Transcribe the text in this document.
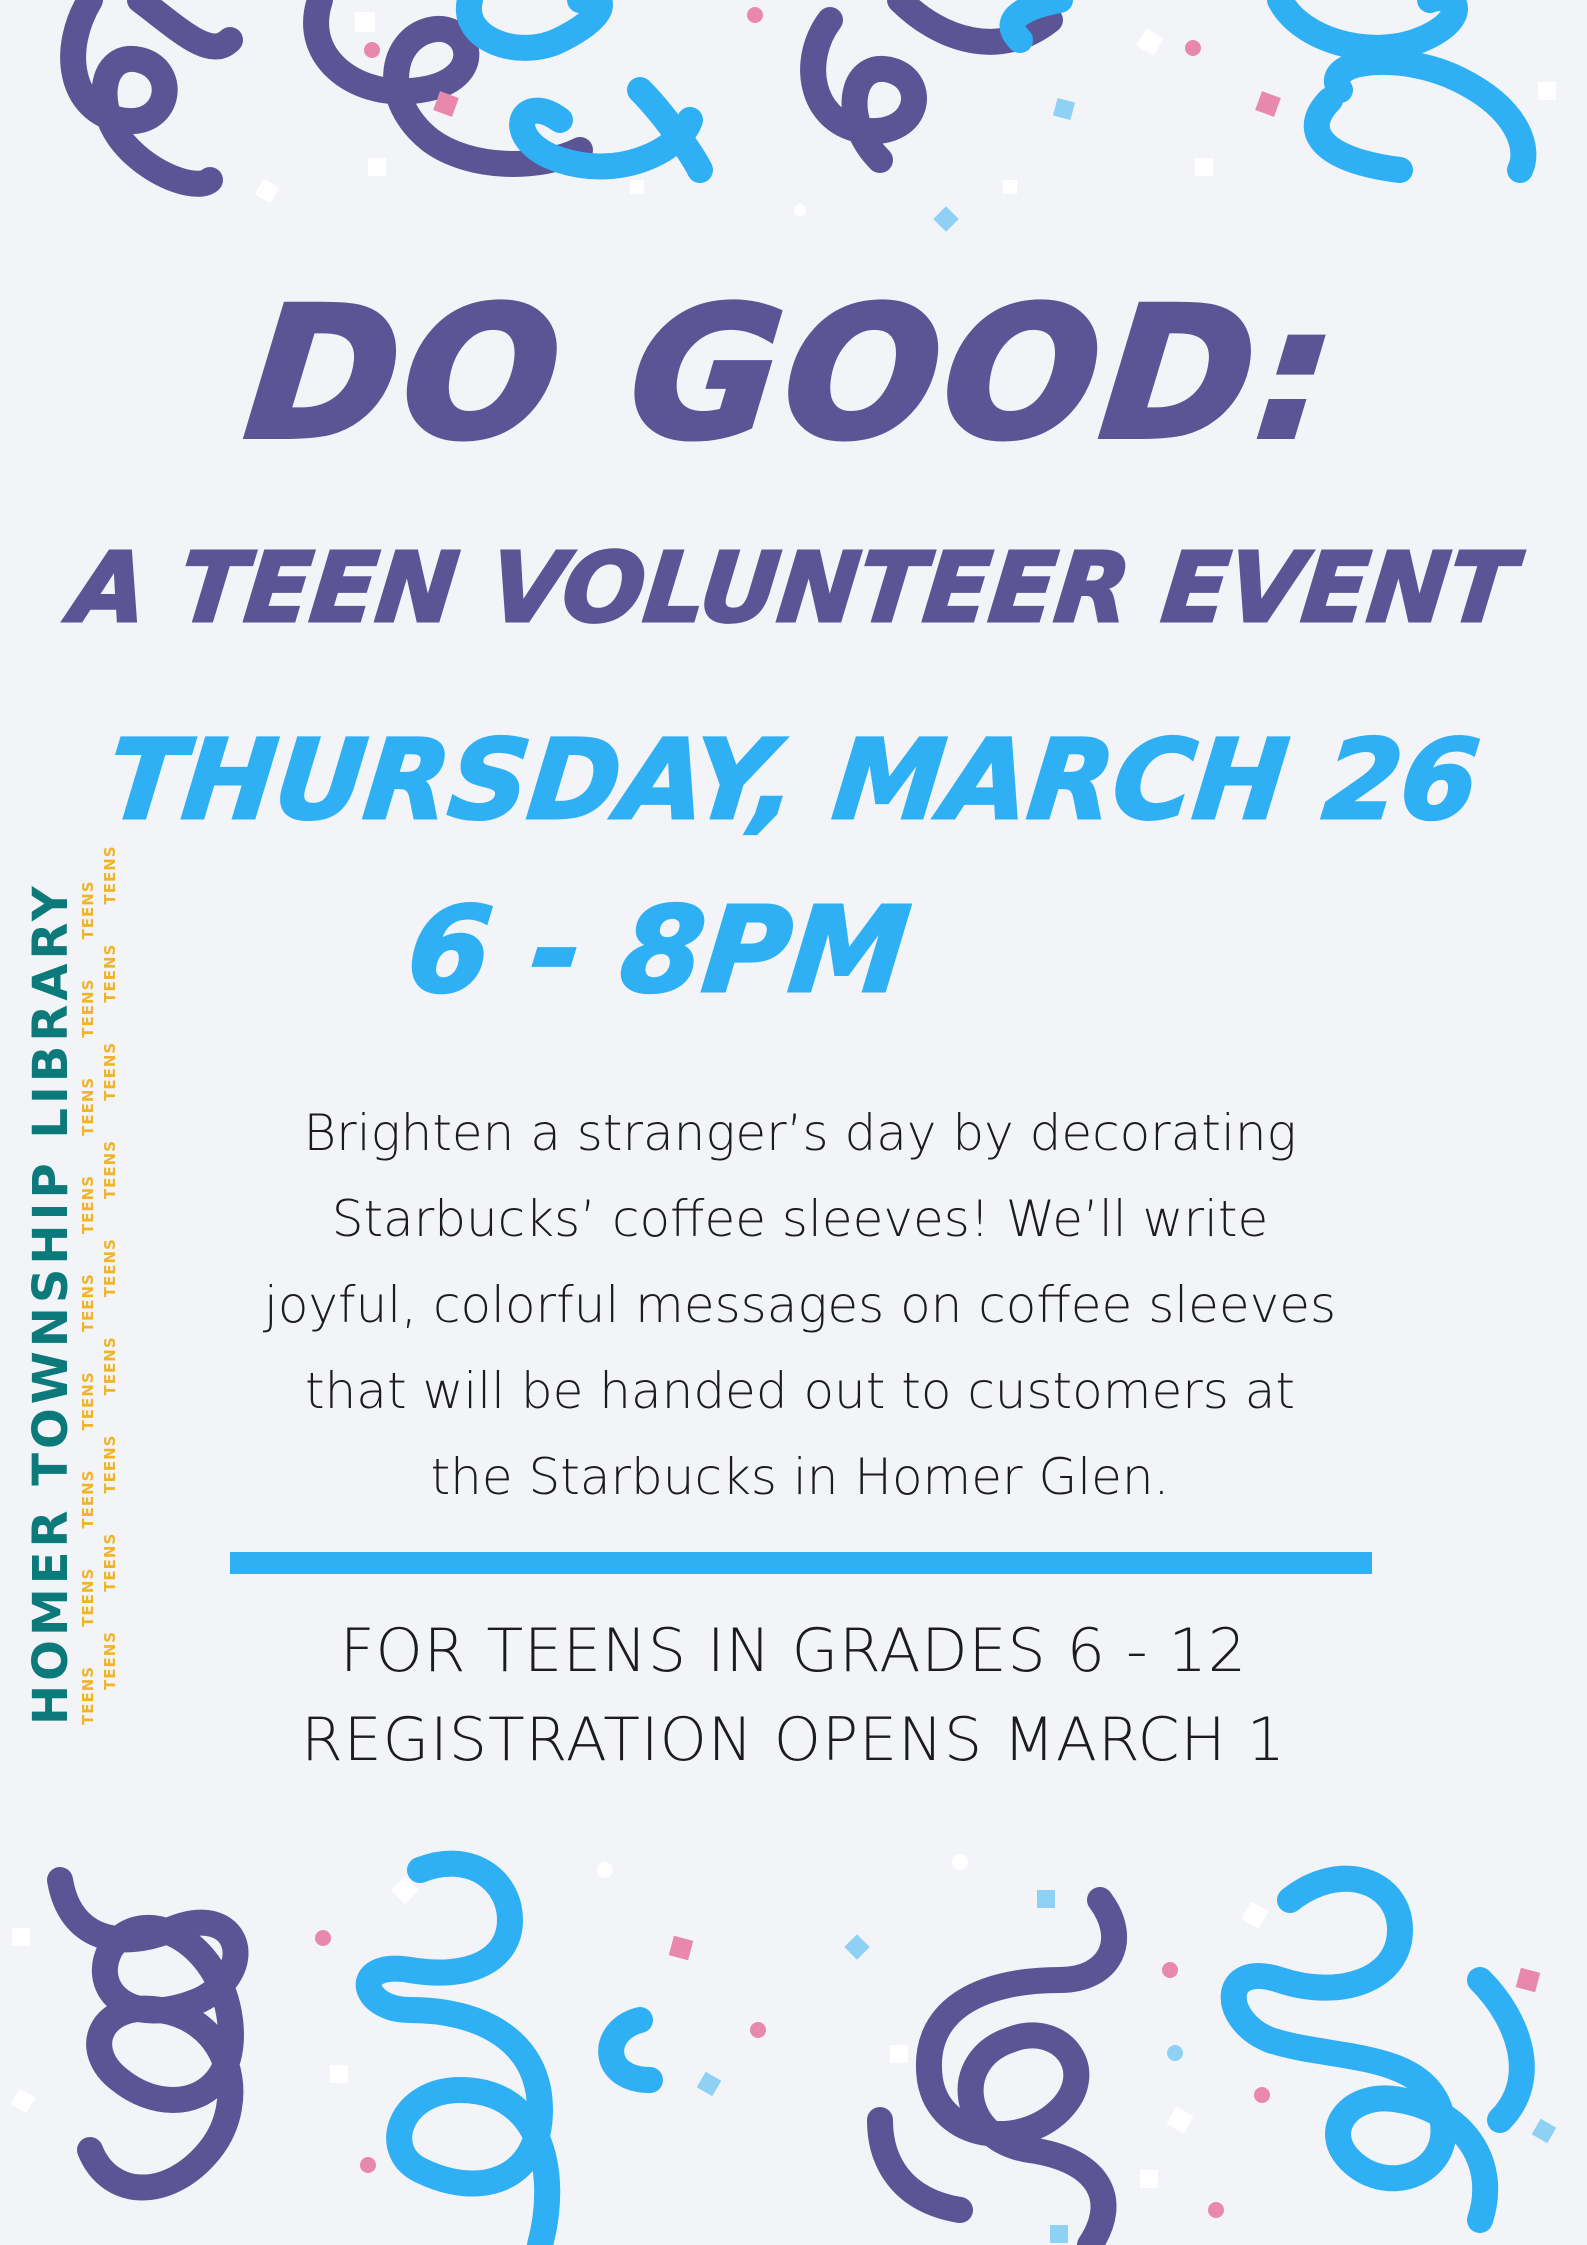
DO GOOD:
A TEEN VOLUNTEER EVENT
THURSDAY, MARCH 26
6 - 8PM
Brighten a stranger’s day by decorating
Starbucks’ coffee sleeves! We’ll write
joyful, colorful messages on coffee sleeves
that will be handed out to customers at
the Starbucks in Homer Glen.
FOR TEENS IN GRADES 6 - 12
REGISTRATION OPENS MARCH 1
HOMER TOWNSHIP LIBRARY TEENS TEENS TEENS TEENS TEENS TEENS TEENS TEENS TEENS
TEENS TEENS TEENS TEENS TEENS TEENS TEENS TEENS TEENS
